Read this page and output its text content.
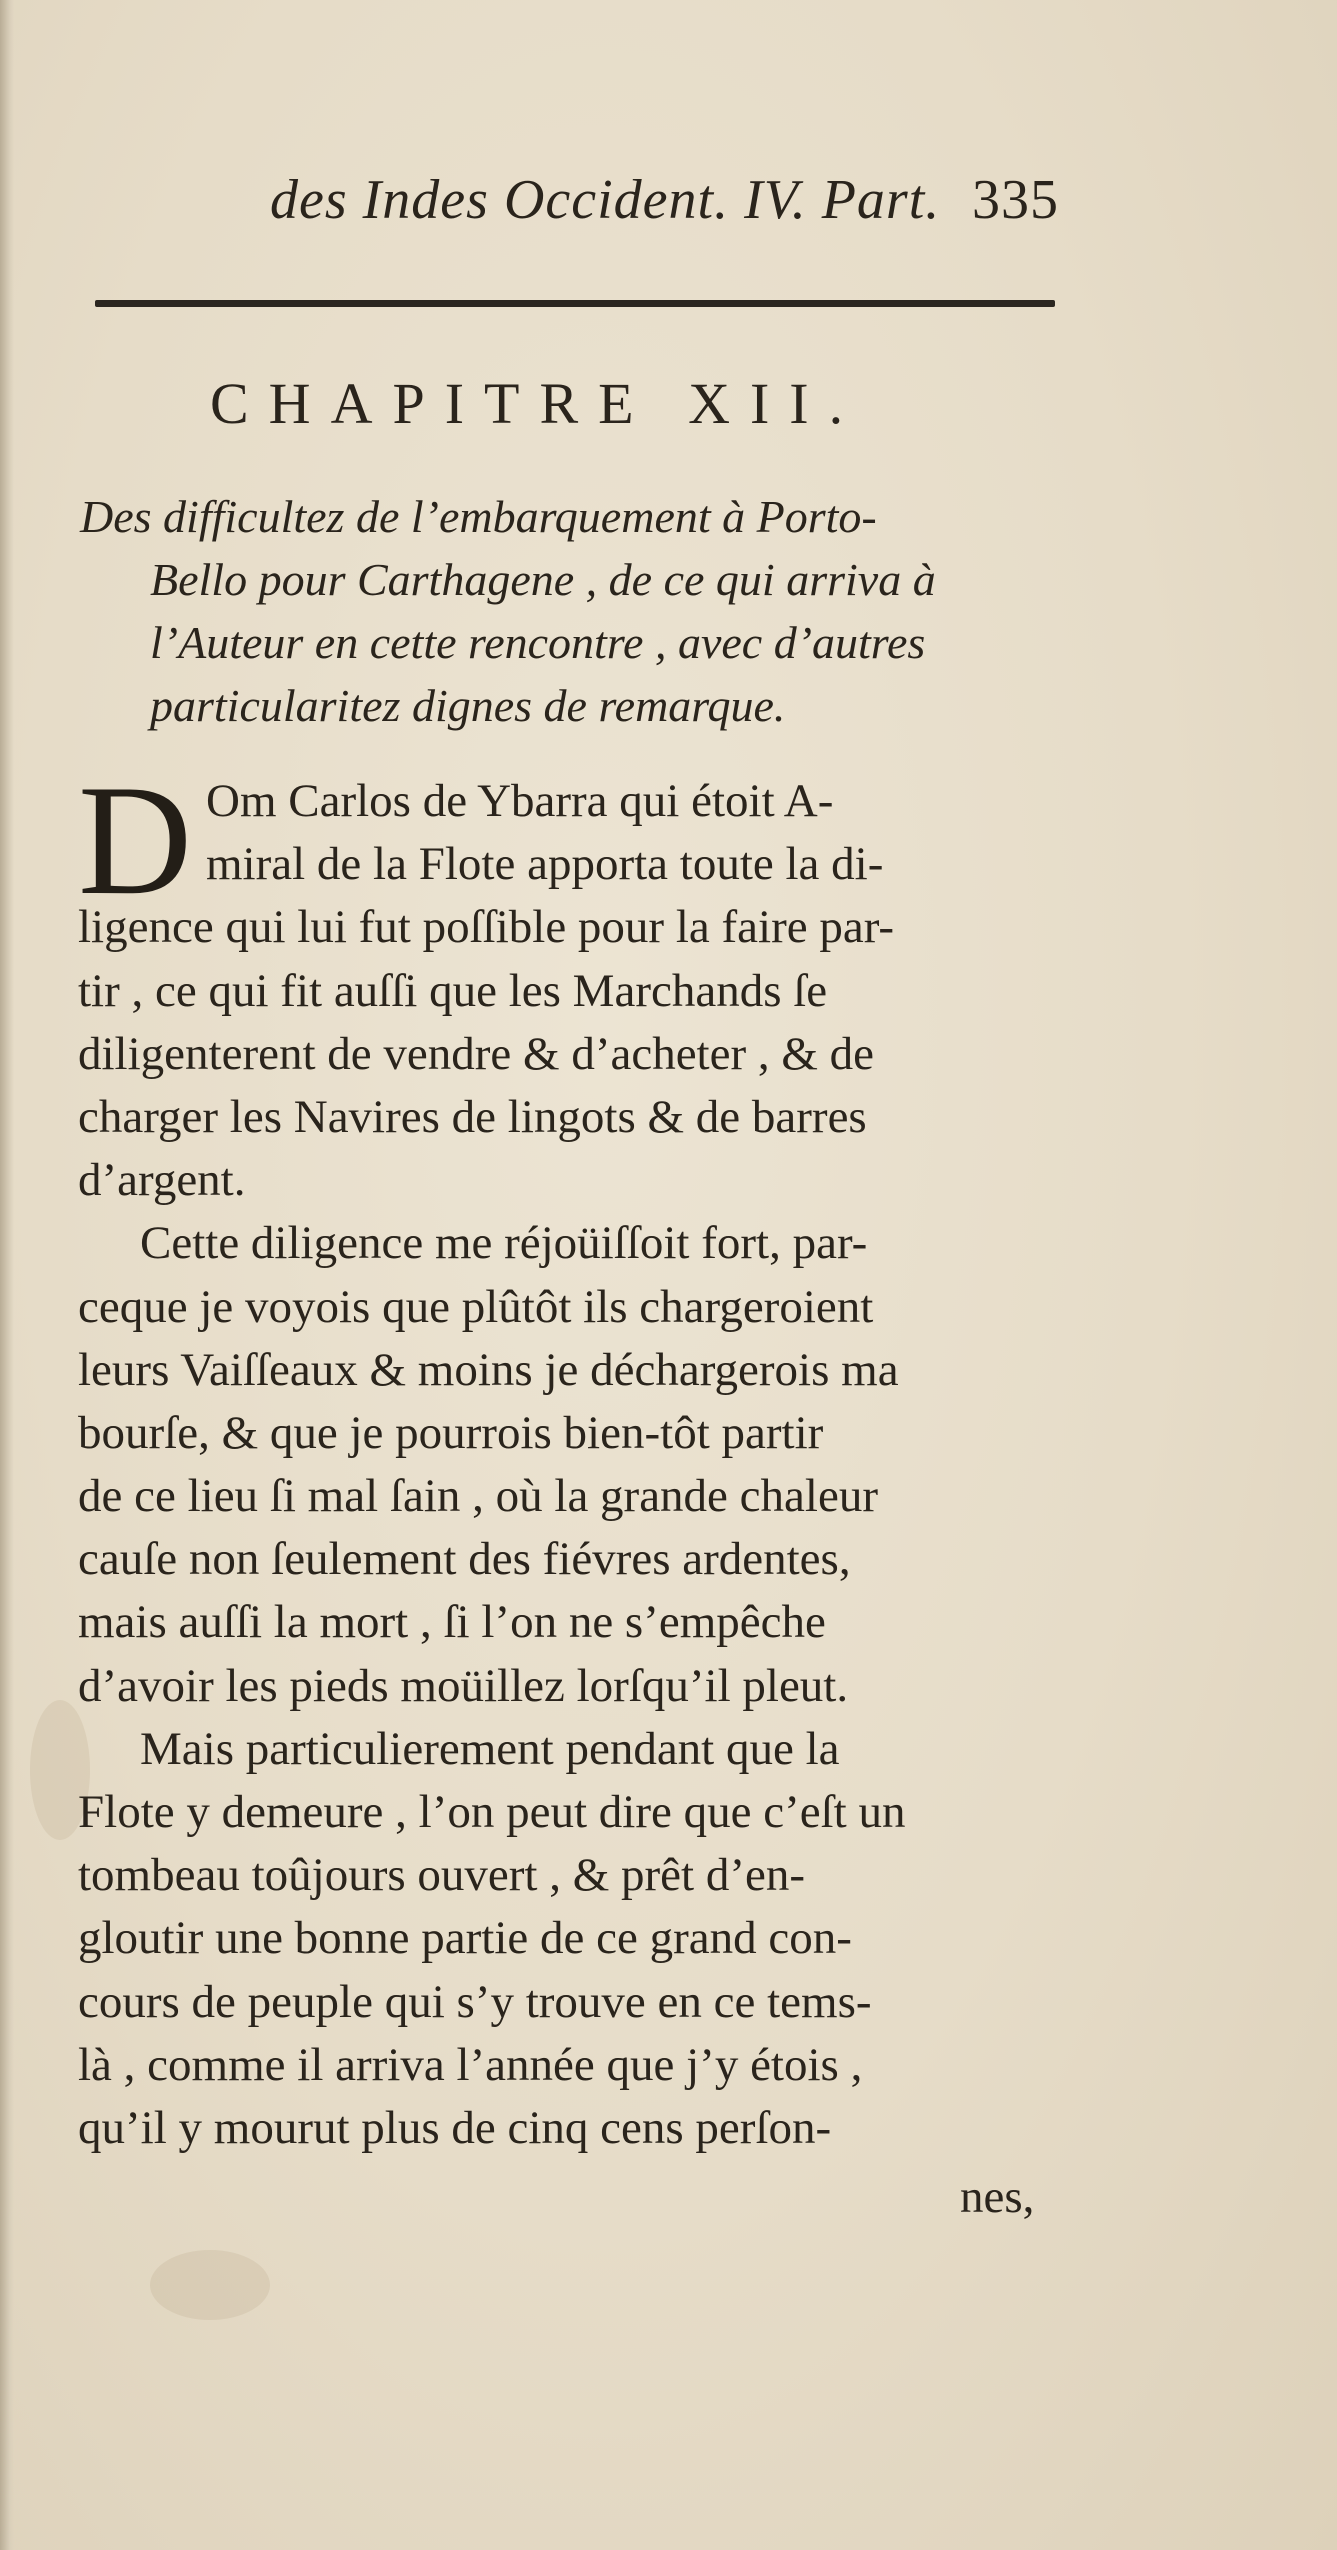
des Indes Occident. IV. Part. 335
CHAPITRE XII.
Des difficultez de l’embarquement à Porto-
Bello pour Carthagene , de ce qui arriva à
l’Auteur en cette rencontre , avec d’autres
particularitez dignes de remarque.
D Om Carlos de Ybarra qui étoit A-
miral de la Flote apporta toute la di-
ligence qui lui fut poſſible pour la faire par-
tir , ce qui fit auſſi que les Marchands ſe
diligenterent de vendre & d’acheter , & de
charger les Navires de lingots & de barres
d’argent.
Cette diligence me réjoüiſſoit fort, par-
ceque je voyois que plûtôt ils chargeroient
leurs Vaiſſeaux & moins je déchargerois ma
bourſe, & que je pourrois bien-tôt partir
de ce lieu ſi mal ſain , où la grande chaleur
cauſe non ſeulement des fiévres ardentes,
mais auſſi la mort , ſi l’on ne s’empêche
d’avoir les pieds moüillez lorſqu’il pleut.
Mais particulierement pendant que la
Flote y demeure , l’on peut dire que c’eſt un
tombeau toûjours ouvert , & prêt d’en-
gloutir une bonne partie de ce grand con-
cours de peuple qui s’y trouve en ce tems-
là , comme il arriva l’année que j’y étois ,
qu’il y mourut plus de cinq cens perſon-
nes,
